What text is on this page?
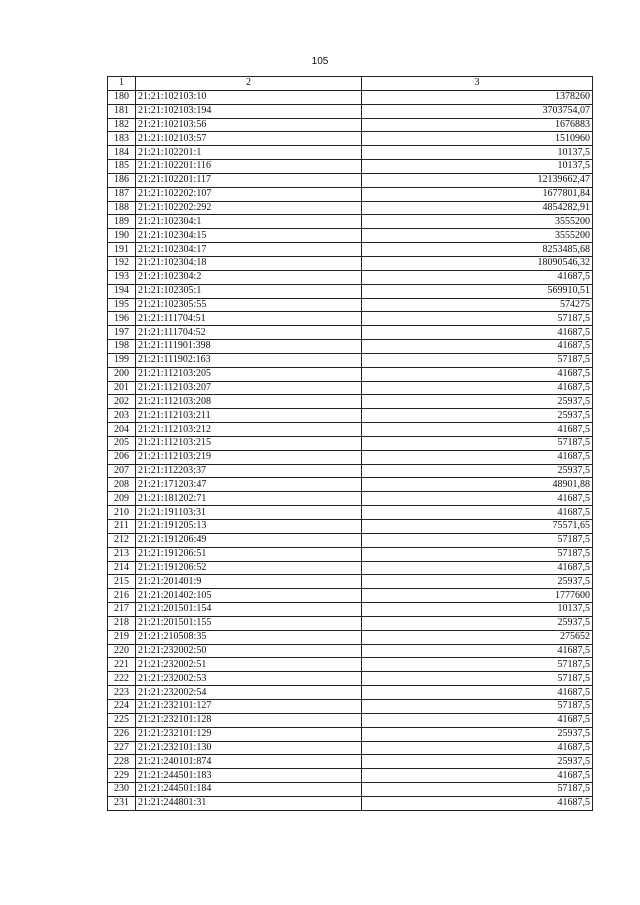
105
1	2	3
180	21:21:102103:10	1378260
181	21:21:102103:194	3703754,07
182	21:21:102103:56	1676883
183	21:21:102103:57	1510960
184	21:21:102201:1	10137,5
185	21:21:102201:116	10137,5
186	21:21:102201:117	12139662,47
187	21:21:102202:107	1677801,84
188	21:21:102202:292	4854282,91
189	21:21:102304:1	3555200
190	21:21:102304:15	3555200
191	21:21:102304:17	8253485,68
192	21:21:102304:18	18090546,32
193	21:21:102304:2	41687,5
194	21:21:102305:1	569910,51
195	21:21:102305:55	574275
196	21:21:111704:51	57187,5
197	21:21:111704:52	41687,5
198	21:21:111901:398	41687,5
199	21:21:111902:163	57187,5
200	21:21:112103:205	41687,5
201	21:21:112103:207	41687,5
202	21:21:112103:208	25937,5
203	21:21:112103:211	25937,5
204	21:21:112103:212	41687,5
205	21:21:112103:215	57187,5
206	21:21:112103:219	41687,5
207	21:21:112203:37	25937,5
208	21:21:171203:47	48901,88
209	21:21:181202:71	41687,5
210	21:21:191103:31	41687,5
211	21:21:191205:13	75571,65
212	21:21:191206:49	57187,5
213	21:21:191206:51	57187,5
214	21:21:191206:52	41687,5
215	21:21:201401:9	25937,5
216	21:21:201402:105	1777600
217	21:21:201501:154	10137,5
218	21:21:201501:155	25937,5
219	21:21:210508:35	275652
220	21:21:232002:50	41687,5
221	21:21:232002:51	57187,5
222	21:21:232002:53	57187,5
223	21:21:232002:54	41687,5
224	21:21:232101:127	57187,5
225	21:21:232101:128	41687,5
226	21:21:232101:129	25937,5
227	21:21:232101:130	41687,5
228	21:21:240101:874	25937,5
229	21:21:244501:183	41687,5
230	21:21:244501:184	57187,5
231	21:21:244801:31	41687,5
